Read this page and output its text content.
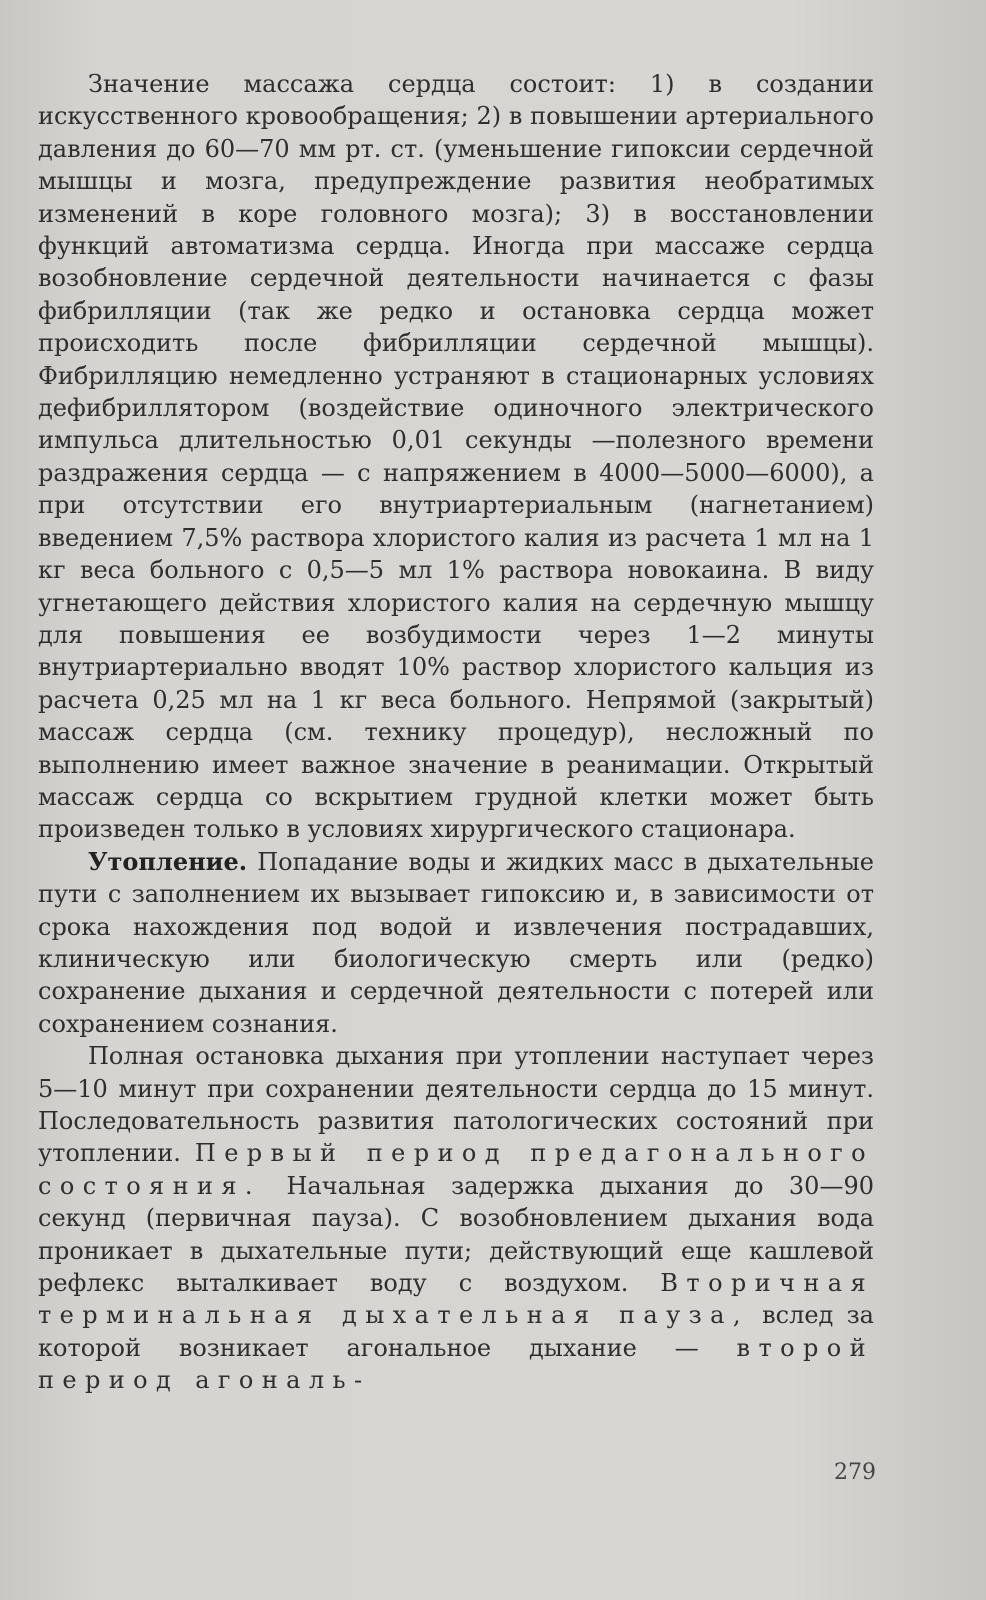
Значение массажа сердца состоит: 1) в создании искусственного кровообращения; 2) в повышении артериального давления до 60—70 мм рт. ст. (уменьшение гипоксии сердечной мышцы и мозга, предупреждение развития необратимых изменений в коре головного мозга); 3) в восстановлении функций автоматизма сердца. Иногда при массаже сердца возобновление сердечной деятельности начинается с фазы фибрилляции (так же редко и остановка сердца может происходить после фибрилляции сердечной мышцы). Фибрилляцию немедленно устраняют в стационарных условиях дефибриллятором (воздействие одиночного электрического импульса длительностью 0,01 секунды —полезного времени раздражения сердца — с напряжением в 4000—5000—6000), а при отсутствии его внутриартериальным (нагнетанием) введением 7,5% раствора хлористого калия из расчета 1 мл на 1 кг веса больного с 0,5—5 мл 1% раствора новокаина. В виду угнетающего действия хлористого калия на сердечную мышцу для повышения ее возбудимости через 1—2 минуты внутриартериально вводят 10% раствор хлористого кальция из расчета 0,25 мл на 1 кг веса больного. Непрямой (закрытый) массаж сердца (см. технику процедур), несложный по выполнению имеет важное значение в реанимации. Открытый массаж сердца со вскрытием грудной клетки может быть произведен только в условиях хирургического стационара.

Утопление. Попадание воды и жидких масс в дыхательные пути с заполнением их вызывает гипоксию и, в зависимости от срока нахождения под водой и извлечения пострадавших, клиническую или биологическую смерть или (редко) сохранение дыхания и сердечной деятельности с потерей или сохранением сознания.

Полная остановка дыхания при утоплении наступает через 5—10 минут при сохранении деятельности сердца до 15 минут. Последовательность развития патологических состояний при утоплении. Первый период предагонального состояния. Начальная задержка дыхания до 30—90 секунд (первичная пауза). С возобновлением дыхания вода проникает в дыхательные пути; действующий еще кашлевой рефлекс выталкивает воду с воздухом. Вторичная терминальная дыхательная пауза, вслед за которой возникает агональное дыхание — второй период агональ-

279
